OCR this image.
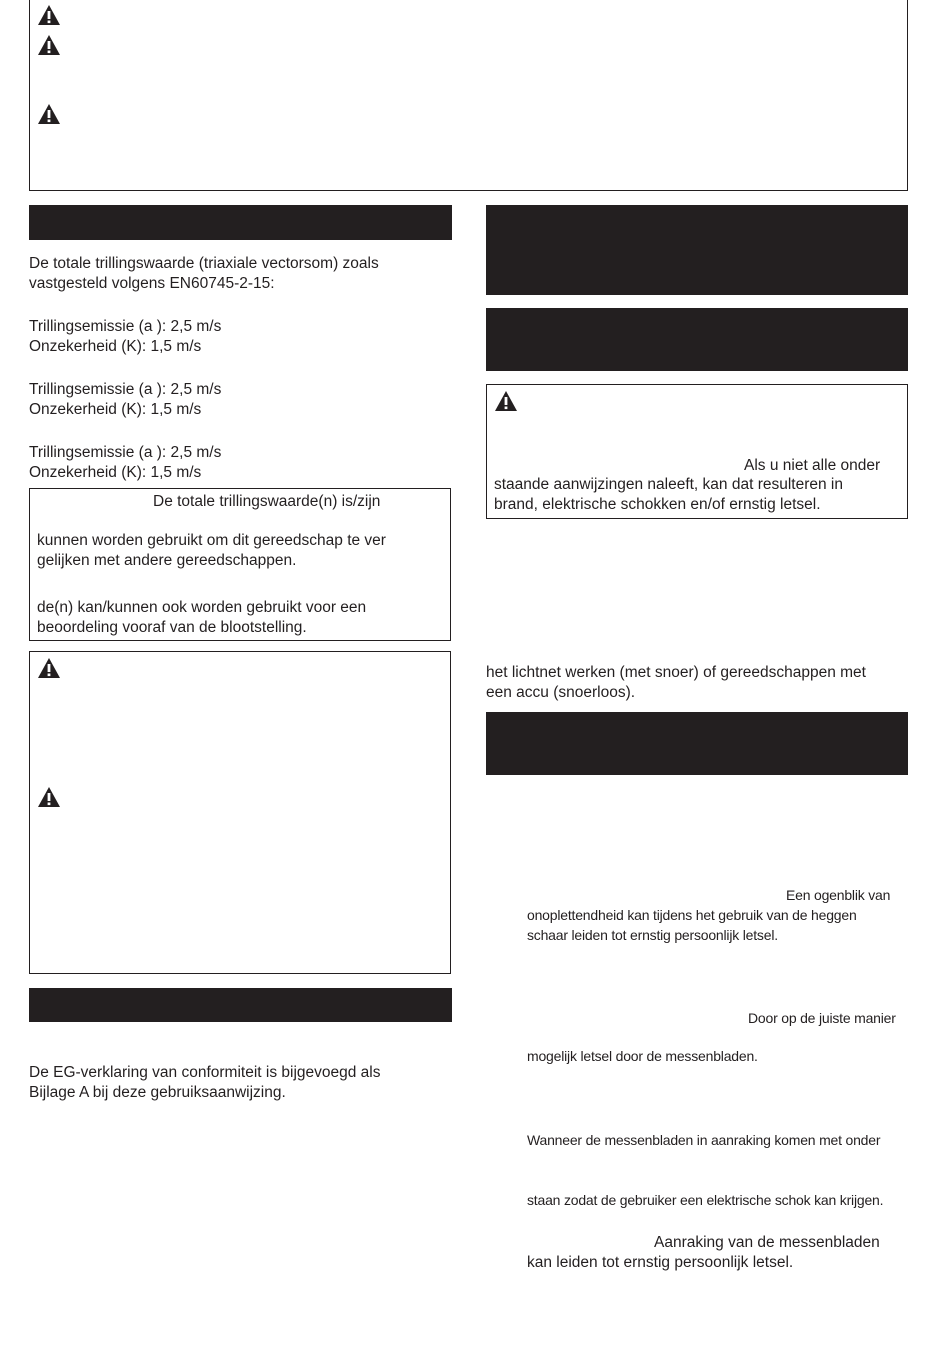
De totale trillingswaarde (triaxiale vectorsom) zoals
vastgesteld volgens EN60745-2-15:
Trillingsemissie (a ): 2,5 m/s
Onzekerheid (K): 1,5 m/s
Trillingsemissie (a ): 2,5 m/s
Onzekerheid (K): 1,5 m/s
Trillingsemissie (a ): 2,5 m/s
Onzekerheid (K): 1,5 m/s
De totale trillingswaarde(n) is/zijn
kunnen worden gebruikt om dit gereedschap te ver
gelijken met andere gereedschappen.
de(n) kan/kunnen ook worden gebruikt voor een
beoordeling vooraf van de blootstelling.
De EG-verklaring van conformiteit is bijgevoegd als
Bijlage A bij deze gebruiksaanwijzing.
Als u niet alle onder
staande aanwijzingen naleeft, kan dat resulteren in
brand, elektrische schokken en/of ernstig letsel.
het lichtnet werken (met snoer) of gereedschappen met
een accu (snoerloos).
Een ogenblik van
onoplettendheid kan tijdens het gebruik van de heggen
schaar leiden tot ernstig persoonlijk letsel.
Door op de juiste manier
mogelijk letsel door de messenbladen.
Wanneer de messenbladen in aanraking komen met onder
staan zodat de gebruiker een elektrische schok kan krijgen.
Aanraking van de messenbladen
kan leiden tot ernstig persoonlijk letsel.
